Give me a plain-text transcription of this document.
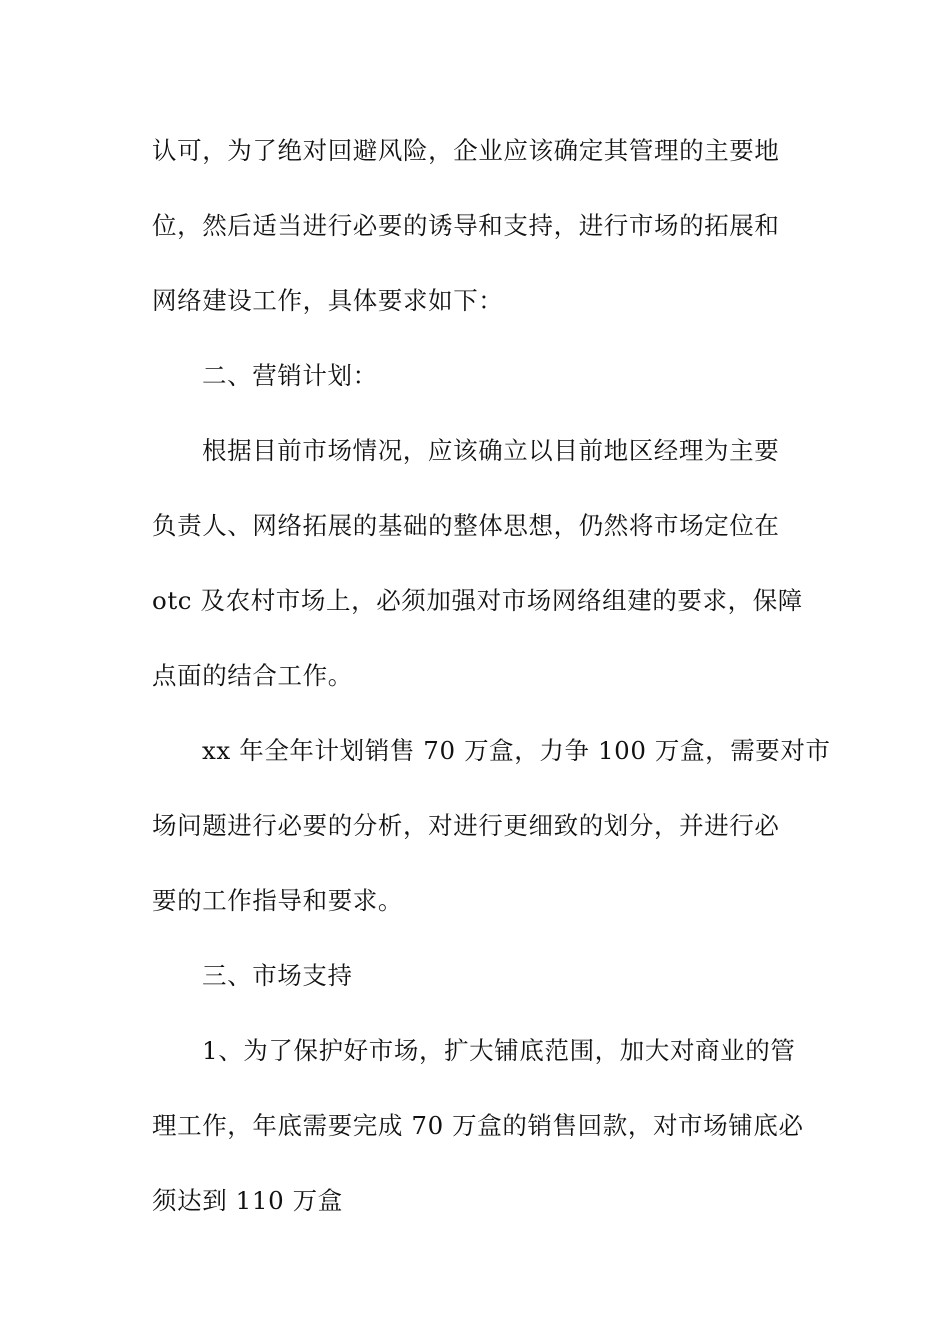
认可，为了绝对回避风险，企业应该确定其管理的主要地
位，然后适当进行必要的诱导和支持，进行市场的拓展和
网络建设工作，具体要求如下：
二、营销计划：
根据目前市场情况，应该确立以目前地区经理为主要
负责人、网络拓展的基础的整体思想，仍然将市场定位在
otc 及农村市场上，必须加强对市场网络组建的要求，保障
点面的结合工作。
xx 年全年计划销售 70 万盒，力争 100 万盒，需要对市
场问题进行必要的分析，对进行更细致的划分，并进行必
要的工作指导和要求。
三、市场支持
1、为了保护好市场，扩大铺底范围，加大对商业的管
理工作，年底需要完成 70 万盒的销售回款，对市场铺底必
须达到 110 万盒
